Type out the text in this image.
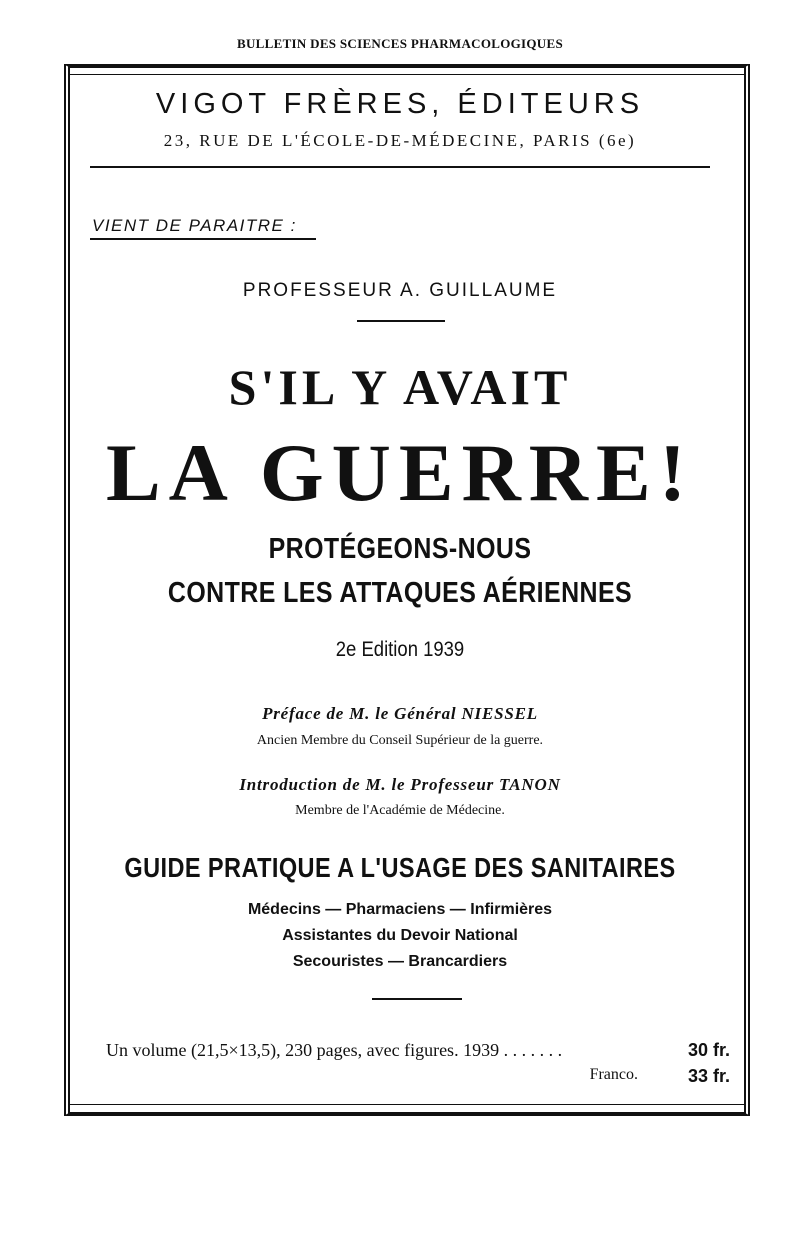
BULLETIN DES SCIENCES PHARMACOLOGIQUES
VIGOT FRÈRES, ÉDITEURS
23, RUE DE L'ÉCOLE-DE-MÉDECINE, PARIS (6e)
VIENT DE PARAITRE :
PROFESSEUR A. GUILLAUME
S'IL Y AVAIT
LA GUERRE!
PROTÉGEONS-NOUS
CONTRE LES ATTAQUES AÉRIENNES
2e Edition 1939
Préface de M. le Général NIESSEL
Ancien Membre du Conseil Supérieur de la guerre.
Introduction de M. le Professeur TANON
Membre de l'Académie de Médecine.
GUIDE PRATIQUE A L'USAGE DES SANITAIRES
Médecins — Pharmaciens — Infirmières
Assistantes du Devoir National
Secouristes — Brancardiers
Un volume (21,5×13,5), 230 pages, avec figures. 1939 . . . . . . .	30 fr.
Franco.	33 fr.
